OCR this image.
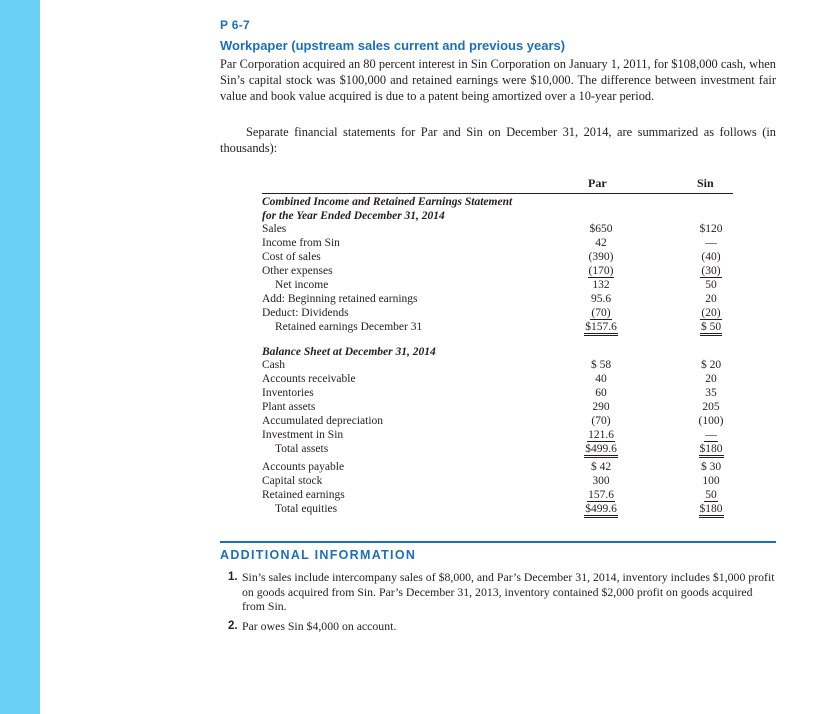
P 6-7
Workpaper (upstream sales current and previous years)

Par Corporation acquired an 80 percent interest in Sin Corporation on January 1, 2011, for $108,000 cash, when Sin’s capital stock was $100,000 and retained earnings were $10,000. The difference between investment fair value and book value acquired is due to a patent being amortized over a 10-year period.

Separate financial statements for Par and Sin on December 31, 2014, are summarized as follows (in thousands):

Par	Sin
Combined Income and Retained Earnings Statement
for the Year Ended December 31, 2014
Sales	$650	$120
Income from Sin	42	—
Cost of sales	(390)	(40)
Other expenses	(170)	(30)
Net income	132	50
Add: Beginning retained earnings	95.6	20
Deduct: Dividends	(70)	(20)
Retained earnings December 31	$157.6	$ 50
Balance Sheet at December 31, 2014
Cash	$ 58	$ 20
Accounts receivable	40	20
Inventories	60	35
Plant assets	290	205
Accumulated depreciation	(70)	(100)
Investment in Sin	121.6	—
Total assets	$499.6	$180
Accounts payable	$ 42	$ 30
Capital stock	300	100
Retained earnings	157.6	50
Total equities	$499.6	$180
ADDITIONAL INFORMATION
1. Sin’s sales include intercompany sales of $8,000, and Par’s December 31, 2014, inventory includes $1,000 profit on goods acquired from Sin. Par’s December 31, 2013, inventory contained $2,000 profit on goods acquired from Sin.
2. Par owes Sin $4,000 on account.
